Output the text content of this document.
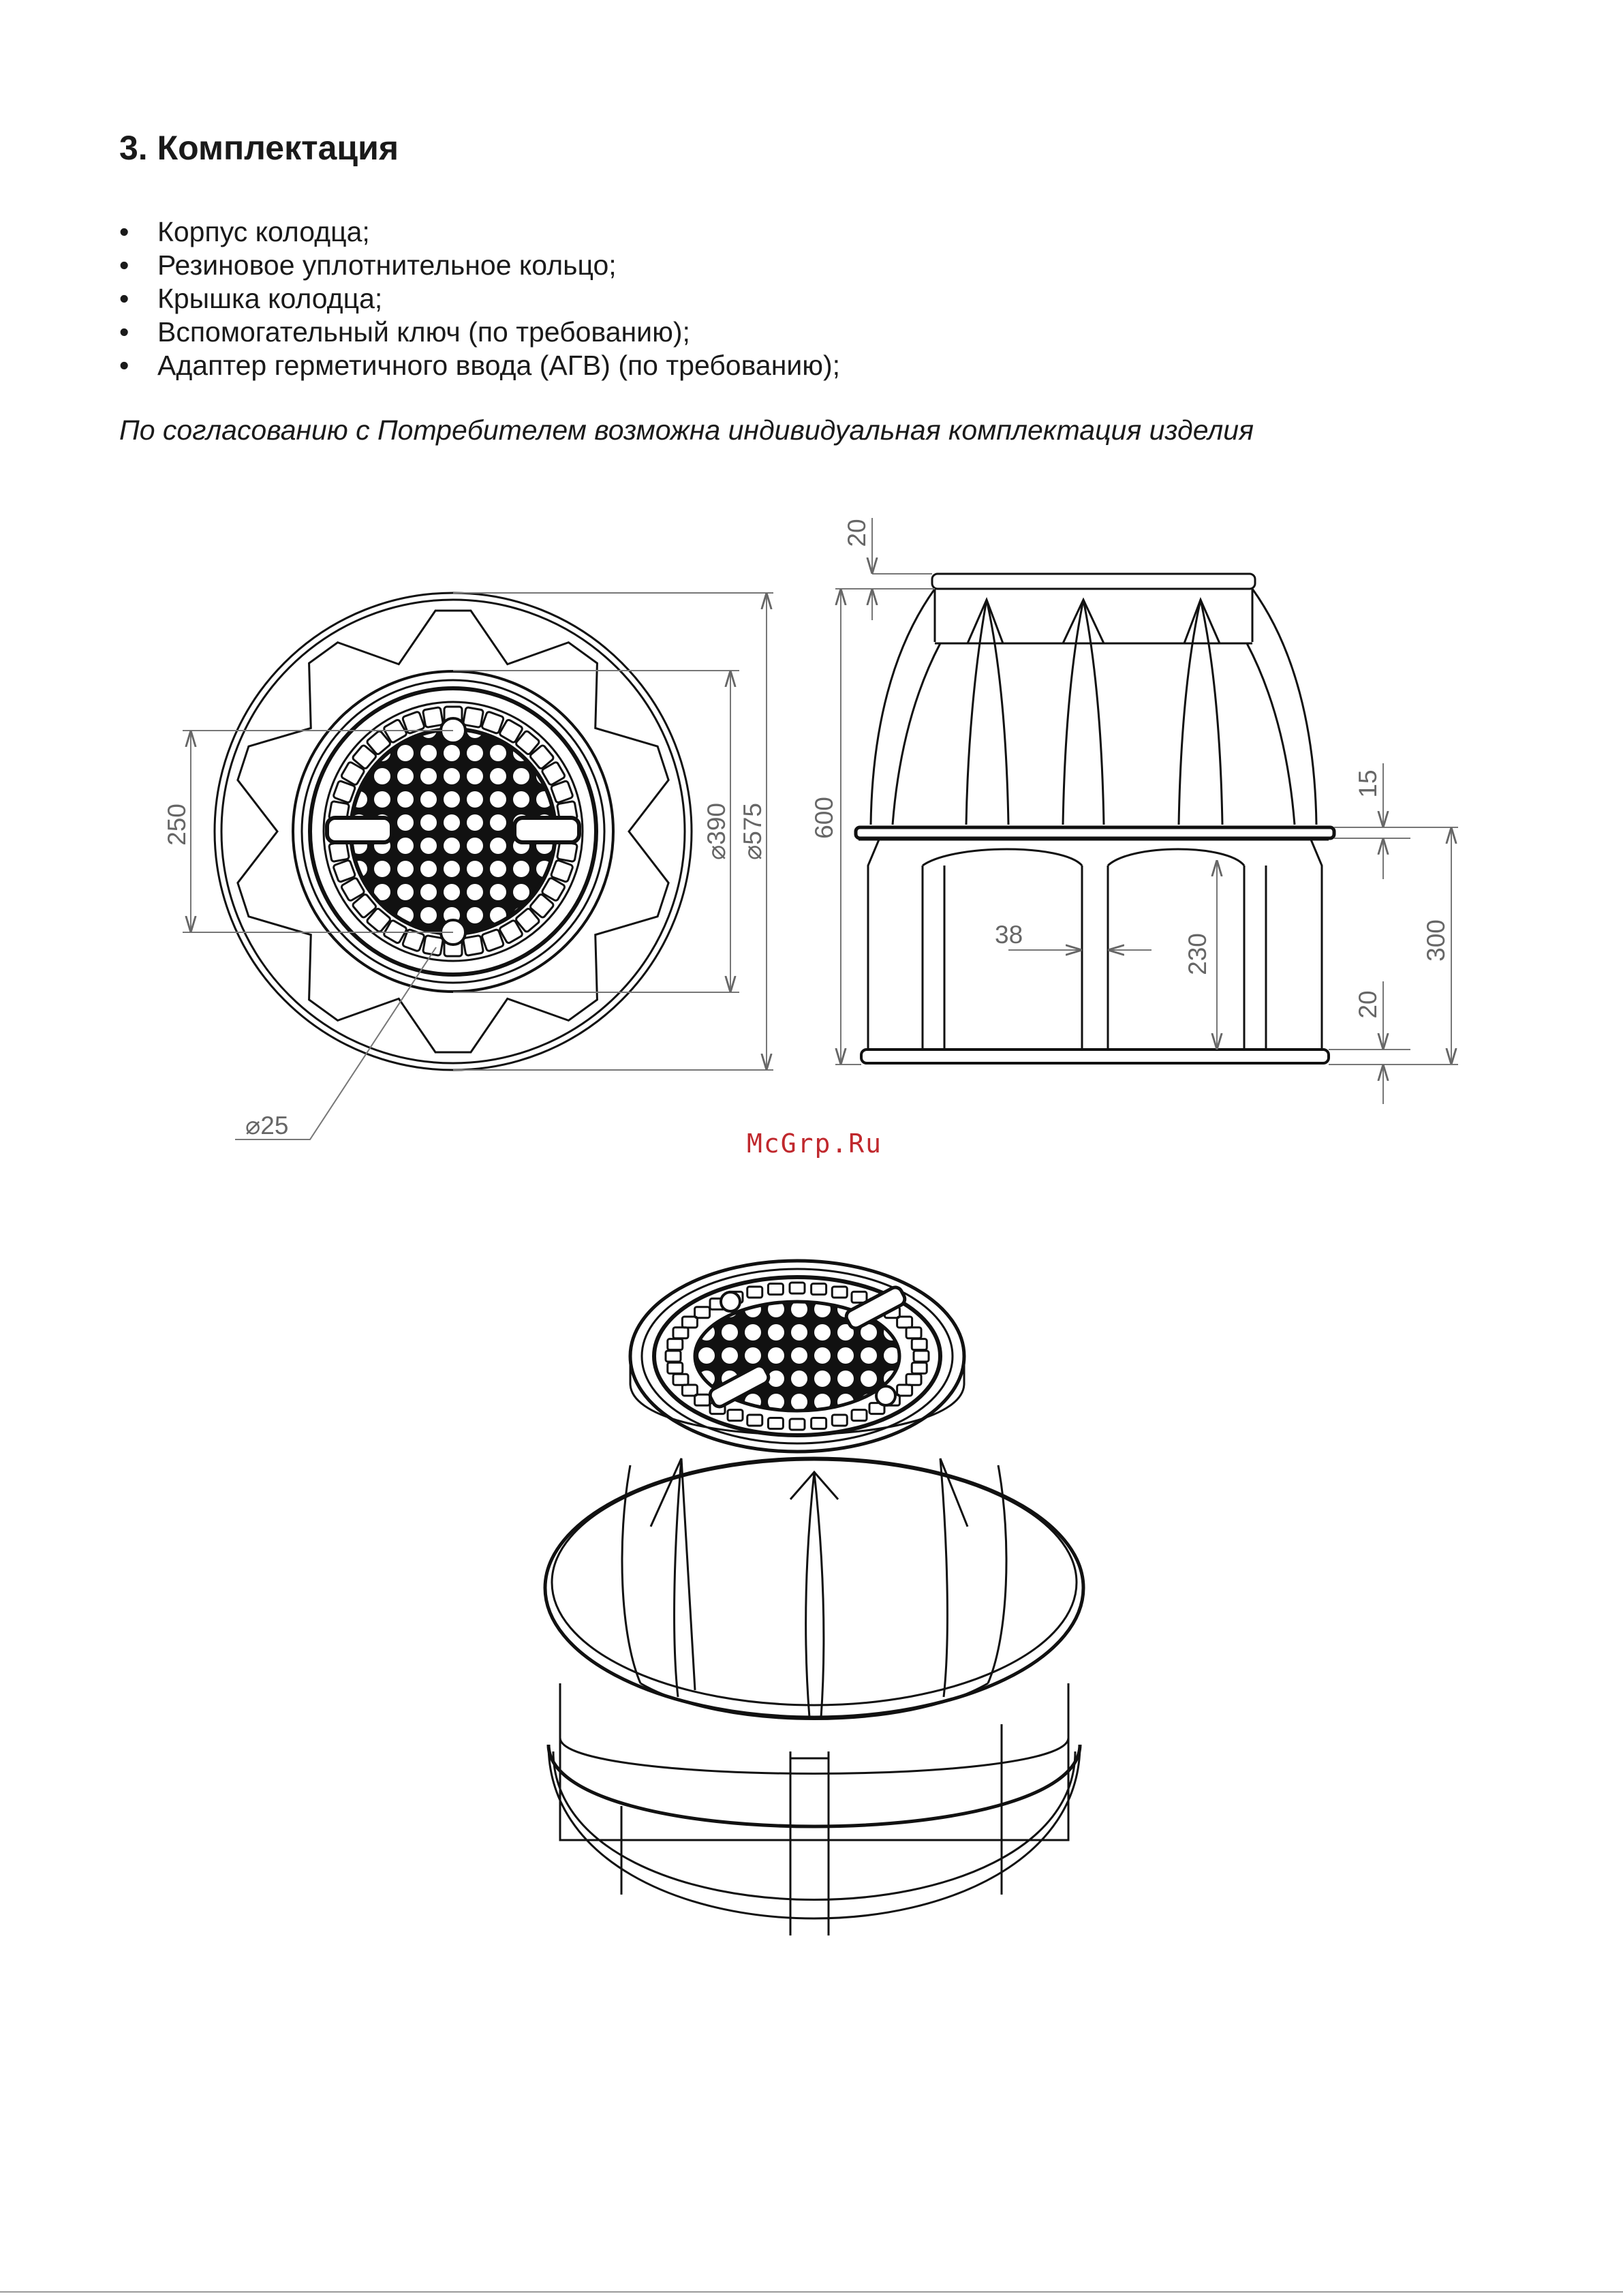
3. Комплектация
• Корпус колодца;
• Резиновое уплотнительное кольцо;
• Крышка колодца;
• Вспомогательный ключ (по требованию);
• Адаптер герметичного ввода (АГВ) (по требованию);

По согласованию с Потребителем возможна индивидуальная комплектация изделия

250	⌀390 ⌀575
⌀25
20
600
15
38	230	300
20
McGrp.Ru
